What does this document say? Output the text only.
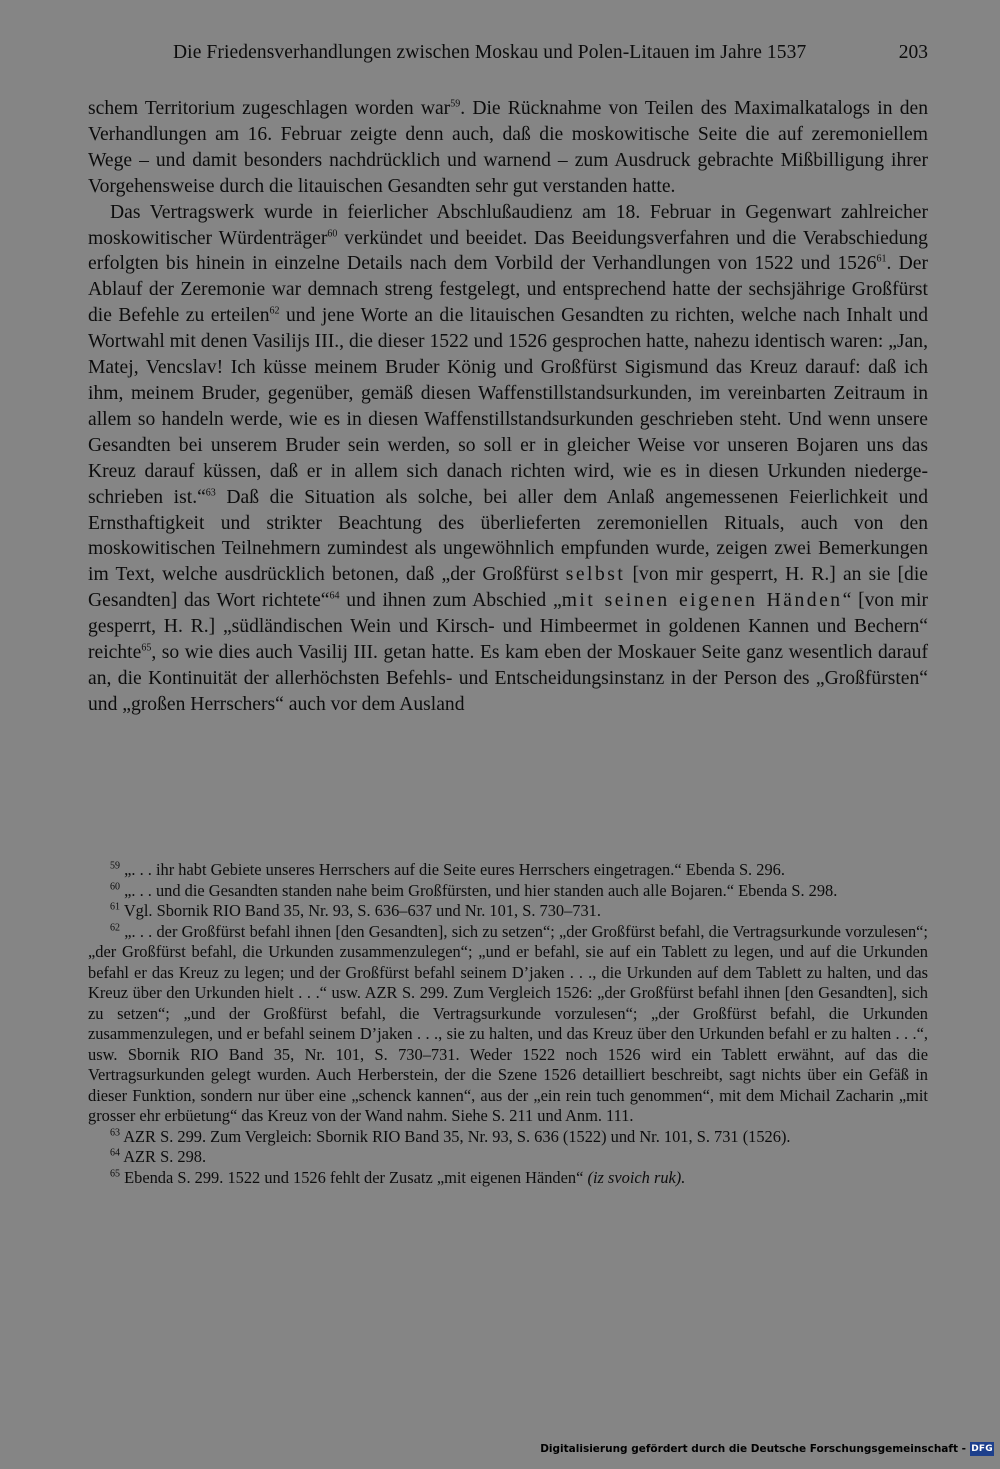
Die Friedensverhandlungen zwischen Moskau und Polen-Litauen im Jahre 1537	203

schem Territorium zugeschlagen worden war$^{59}$. Die Rücknahme von Teilen des Maximalkatalogs in den Verhandlungen am 16. Februar zeigte denn auch, daß die moskowitische Seite die auf zeremoniellem Wege – und damit besonders nachdrücklich und warnend – zum Ausdruck gebrachte Mißbilligung ihrer Vorgehensweise durch die litauischen Gesandten sehr gut verstanden hatte.

Das Vertragswerk wurde in feierlicher Abschlußaudienz am 18. Februar in Gegenwart zahlreicher moskowitischer Würdenträger$^{60}$ verkündet und beeidet. Das Beeidungsverfahren und die Verabschiedung erfolgten bis hinein in einzelne Details nach dem Vorbild der Verhandlungen von 1522 und 1526$^{61}$. Der Ablauf der Zeremonie war demnach streng festgelegt, und entsprechend hatte der sechsjährige Großfürst die Befehle zu erteilen$^{62}$ und jene Worte an die litauischen Gesandten zu richten, welche nach Inhalt und Wortwahl mit denen Vasilijs III., die dieser 1522 und 1526 gesprochen hatte, nahezu identisch waren: „Jan, Matej, Vencslav! Ich küsse meinem Bruder König und Großfürst Sigismund das Kreuz darauf: daß ich ihm, meinem Bruder, gegenüber, gemäß diesen Waffenstillstandsurkunden, im vereinbarten Zeitraum in allem so handeln werde, wie es in diesen Waffenstillstandsurkunden geschrieben steht. Und wenn unsere Gesandten bei unserem Bruder sein werden, so soll er in gleicher Weise vor unseren Bojaren uns das Kreuz darauf küssen, daß er in allem sich danach richten wird, wie es in diesen Urkunden niedergeschrieben ist.“$^{63}$ Daß die Situation als solche, bei aller dem Anlaß angemessenen Feierlichkeit und Ernsthaftigkeit und strikter Beachtung des überlieferten zeremoniellen Rituals, auch von den moskowitischen Teilnehmern zumindest als ungewöhnlich empfunden wurde, zeigen zwei Bemerkungen im Text, welche ausdrücklich betonen, daß „der Großfürst selbst [von mir gesperrt, H. R.] an sie [die Gesandten] das Wort richtete“$^{64}$ und ihnen zum Abschied „mit seinen eigenen Händen“ [von mir gesperrt, H. R.] „südländischen Wein und Kirsch- und Himbeermet in goldenen Kannen und Bechern“ reichte$^{65}$, so wie dies auch Vasilij III. getan hatte. Es kam eben der Moskauer Seite ganz wesentlich darauf an, die Kontinuität der allerhöchsten Befehls- und Entscheidungsinstanz in der Person des „Großfürsten“ und „großen Herrschers“ auch vor dem Ausland

$^{59}$ „. . . ihr habt Gebiete unseres Herrschers auf die Seite eures Herrschers eingetragen.“ Ebenda S. 296.

$^{60}$ „. . . und die Gesandten standen nahe beim Großfürsten, und hier standen auch alle Bojaren.“ Ebenda S. 298.

$^{61}$ Vgl. Sbornik RIO Band 35, Nr. 93, S. 636–637 und Nr. 101, S. 730–731.

$^{62}$ „. . . der Großfürst befahl ihnen [den Gesandten], sich zu setzen“; „der Großfürst befahl, die Vertragsurkunde vorzulesen“; „der Großfürst befahl, die Urkunden zusammenzulegen“; „und er befahl, sie auf ein Tablett zu legen, und auf die Urkunden befahl er das Kreuz zu legen; und der Großfürst befahl seinem D’jaken . . ., die Urkunden auf dem Tablett zu halten, und das Kreuz über den Urkunden hielt . . .“ usw. AZR S. 299. Zum Vergleich 1526: „der Großfürst befahl ihnen [den Gesandten], sich zu setzen“; „und der Großfürst befahl, die Vertragsurkunde vorzulesen“; „der Großfürst befahl, die Urkunden zusammenzulegen, und er befahl seinem D’jaken . . ., sie zu halten, und das Kreuz über den Urkunden befahl er zu halten . . .“, usw. Sbornik RIO Band 35, Nr. 101, S. 730–731. Weder 1522 noch 1526 wird ein Tablett erwähnt, auf das die Vertragsurkunden gelegt wurden. Auch Herberstein, der die Szene 1526 detailliert beschreibt, sagt nichts über ein Gefäß in dieser Funktion, sondern nur über eine „schenck kannen“, aus der „ein rein tuch genommen“, mit dem Michail Zacharin „mit grosser ehr erbüetung“ das Kreuz von der Wand nahm. Siehe S. 211 und Anm. 111.

$^{63}$ AZR S. 299. Zum Vergleich: Sbornik RIO Band 35, Nr. 93, S. 636 (1522) und Nr. 101, S. 731 (1526).

$^{64}$ AZR S. 298.

$^{65}$ Ebenda S. 299. 1522 und 1526 fehlt der Zusatz „mit eigenen Händen“ (iz svoich ruk).

Digitalisierung gefördert durch die Deutsche Forschungsgemeinschaft - DFG
